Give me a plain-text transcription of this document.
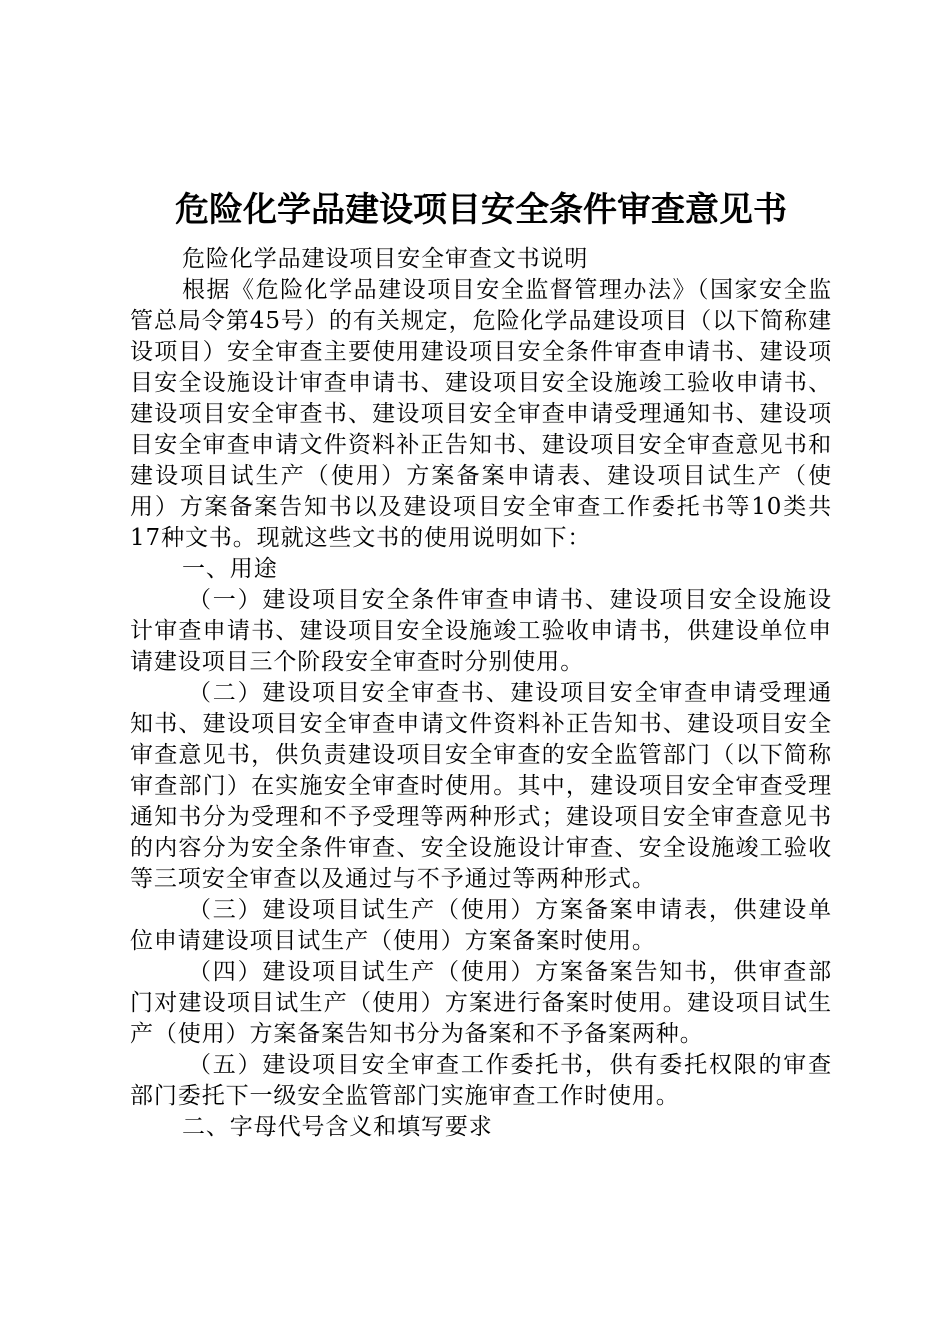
危险化学品建设项目安全条件审查意见书

危险化学品建设项目安全审查文书说明

根据《危险化学品建设项目安全监督管理办法》（国家安全监管总局令第45号）的有关规定，危险化学品建设项目（以下简称建设项目）安全审查主要使用建设项目安全条件审查申请书、建设项目安全设施设计审查申请书、建设项目安全设施竣工验收申请书、建设项目安全审查书、建设项目安全审查申请受理通知书、建设项目安全审查申请文件资料补正告知书、建设项目安全审查意见书和建设项目试生产（使用）方案备案申请表、建设项目试生产（使用）方案备案告知书以及建设项目安全审查工作委托书等10类共17种文书。现就这些文书的使用说明如下：

一、用途

（一）建设项目安全条件审查申请书、建设项目安全设施设计审查申请书、建设项目安全设施竣工验收申请书，供建设单位申请建设项目三个阶段安全审查时分别使用。

（二）建设项目安全审查书、建设项目安全审查申请受理通知书、建设项目安全审查申请文件资料补正告知书、建设项目安全审查意见书，供负责建设项目安全审查的安全监管部门（以下简称审查部门）在实施安全审查时使用。其中，建设项目安全审查受理通知书分为受理和不予受理等两种形式；建设项目安全审查意见书的内容分为安全条件审查、安全设施设计审查、安全设施竣工验收等三项安全审查以及通过与不予通过等两种形式。

（三）建设项目试生产（使用）方案备案申请表，供建设单位申请建设项目试生产（使用）方案备案时使用。

（四）建设项目试生产（使用）方案备案告知书，供审查部门对建设项目试生产（使用）方案进行备案时使用。建设项目试生产（使用）方案备案告知书分为备案和不予备案两种。

（五）建设项目安全审查工作委托书，供有委托权限的审查部门委托下一级安全监管部门实施审查工作时使用。

二、字母代号含义和填写要求
